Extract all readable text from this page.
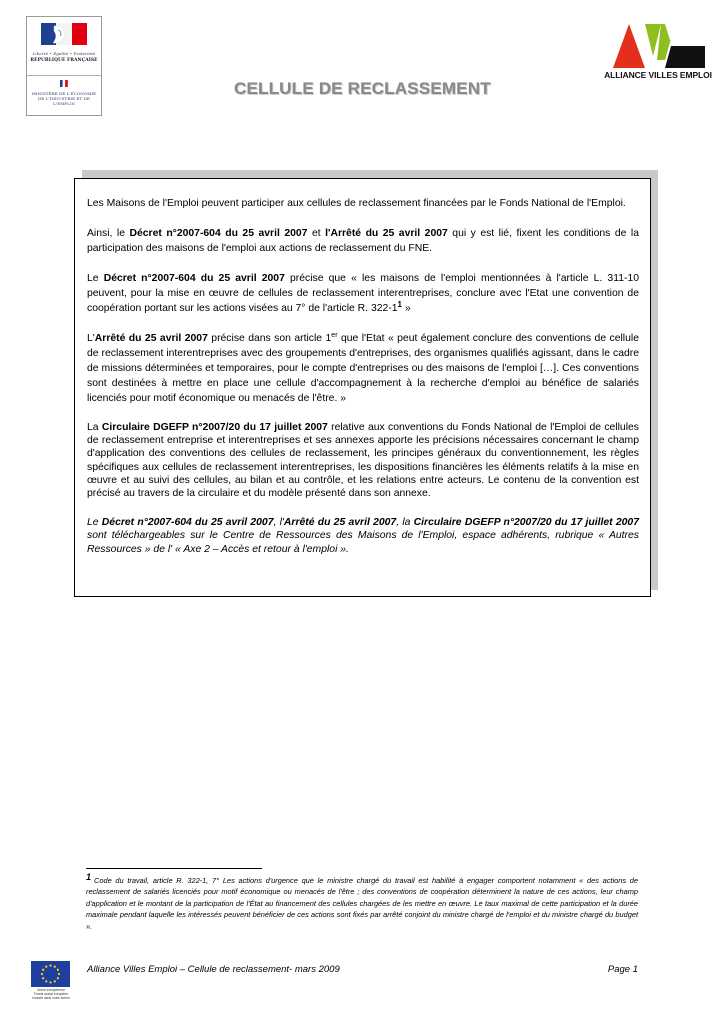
Liberté • Égalité • Fraternité
RÉPUBLIQUE FRANÇAISE
MINISTÈRE DE L'ÉCONOMIE
DE L'INDUSTRIE ET DE L'EMPLOI
ALLIANCE VILLES EMPLOI
CELLULE DE RECLASSEMENT

Les Maisons de l'Emploi peuvent participer aux cellules de reclassement financées par le Fonds National de l'Emploi.

Ainsi, le Décret n°2007-604 du 25 avril 2007 et l'Arrêté du 25 avril 2007 qui y est lié, fixent les conditions de la participation des maisons de l'emploi aux actions de reclassement du FNE.

Le Décret n°2007-604 du 25 avril 2007 précise que « les maisons de l'emploi mentionnées à l'article L. 311-10 peuvent, pour la mise en œuvre de cellules de reclassement interentreprises, conclure avec l'Etat une convention de coopération portant sur les actions visées au 7° de l'article R. 322-1$^1$ »

L'Arrêté du 25 avril 2007 précise dans son article 1er que l'Etat « peut également conclure des conventions de cellule de reclassement interentreprises avec des groupements d'entreprises, des organismes qualifiés agissant, dans le cadre de missions déterminées et temporaires, pour le compte d'entreprises ou des maisons de l'emploi […]. Ces conventions sont destinées à mettre en place une cellule d'accompagnement à la recherche d'emploi au bénéfice de salariés licenciés pour motif économique ou menacés de l'être. »

La Circulaire DGEFP n°2007/20 du 17 juillet 2007 relative aux conventions du Fonds National de l'Emploi de cellules de reclassement entreprise et interentreprises et ses annexes apporte les précisions nécessaires concernant le champ d'application des conventions des cellules de reclassement, les principes généraux du conventionnement, les règles spécifiques aux cellules de reclassement interentreprises, les dispositions financières les éléments relatifs à la mise en œuvre et au suivi des cellules, au bilan et au contrôle, et les relations entre acteurs. Le contenu de la convention est précisé au travers de la circulaire et du modèle présenté dans son annexe.

Le Décret n°2007-604 du 25 avril 2007, l'Arrêté du 25 avril 2007, la Circulaire DGEFP n°2007/20 du 17 juillet 2007 sont téléchargeables sur le Centre de Ressources des Maisons de l'Emploi, espace adhérents, rubrique « Autres Ressources » de l' « Axe 2 – Accès et retour à l'emploi ».

1 Code du travail, article R. 322-1, 7° Les actions d'urgence que le ministre chargé du travail est habilité à engager comportent notamment « des actions de reclassement de salariés licenciés pour motif économique ou menacés de l'être ; des conventions de coopération déterminent la nature de ces actions, leur champ d'application et le montant de la participation de l'État au financement des cellules chargées de les mettre en œuvre. Le taux maximal de cette participation et la durée maximale pendant laquelle les intéressés peuvent bénéficier de ces actions sont fixés par arrêté conjoint du ministre chargé de l'emploi et du ministre chargé du budget ».
Union européenne
Fonds social européen
Investit dans votre avenir
Alliance Villes Emploi – Cellule de reclassement- mars 2009	Page 1
